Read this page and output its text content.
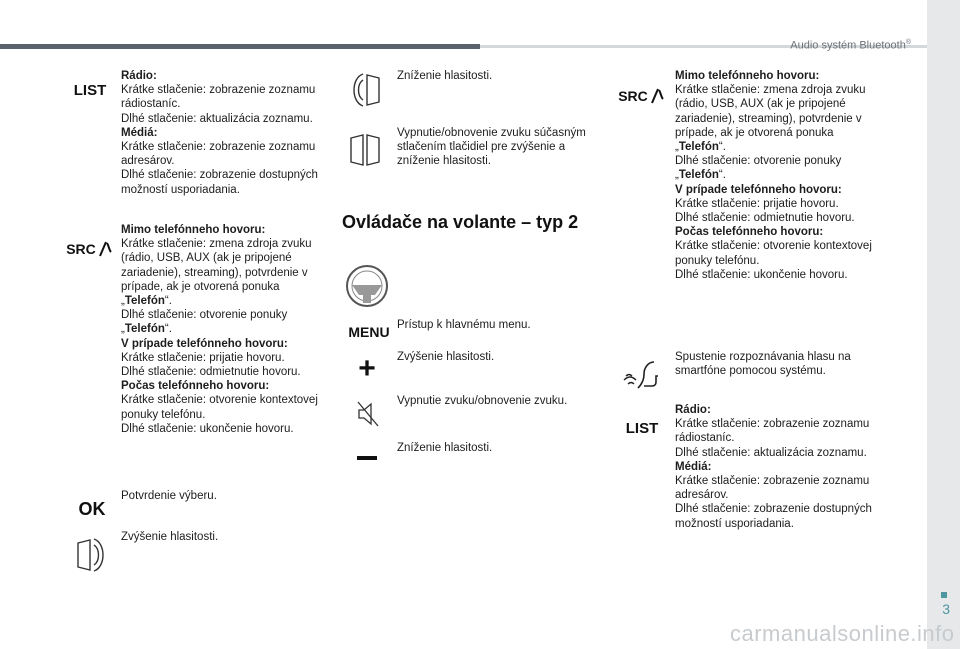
Audio systém Bluetooth®
3
LIST
Rádio:
Krátke stlačenie: zobrazenie zoznamu rádiostaníc.
Dlhé stlačenie: aktualizácia zoznamu.
Médiá:
Krátke stlačenie: zobrazenie zoznamu adresárov.
Dlhé stlačenie: zobrazenie dostupných možností usporiadania.
SRC
Mimo telefónneho hovoru:
Krátke stlačenie: zmena zdroja zvuku (rádio, USB, AUX (ak je pripojené zariadenie), streaming), potvrdenie v prípade, ak je otvorená ponuka „Telefón“.
Dlhé stlačenie: otvorenie ponuky „Telefón“.
V prípade telefónneho hovoru:
Krátke stlačenie: prijatie hovoru.
Dlhé stlačenie: odmietnutie hovoru.
Počas telefónneho hovoru:
Krátke stlačenie: otvorenie kontextovej ponuky telefónu.
Dlhé stlačenie: ukončenie hovoru.
OK
Potvrdenie výberu.
Zvýšenie hlasitosti.
Zníženie hlasitosti.
Vypnutie/obnovenie zvuku súčasným stlačením tlačidiel pre zvýšenie a zníženie hlasitosti.
Ovládače na volante – typ 2
MENU Prístup k hlavnému menu.
+	Zvýšenie hlasitosti.
Vypnutie zvuku/obnovenie zvuku.
Zníženie hlasitosti.
SRC
Mimo telefónneho hovoru:
Krátke stlačenie: zmena zdroja zvuku (rádio, USB, AUX (ak je pripojené zariadenie), streaming), potvrdenie v prípade, ak je otvorená ponuka „Telefón“.
Dlhé stlačenie: otvorenie ponuky „Telefón“.
V prípade telefónneho hovoru:
Krátke stlačenie: prijatie hovoru.
Dlhé stlačenie: odmietnutie hovoru.
Počas telefónneho hovoru:
Krátke stlačenie: otvorenie kontextovej ponuky telefónu.
Dlhé stlačenie: ukončenie hovoru.
Spustenie rozpoznávania hlasu na smartfóne pomocou systému.
LIST
Rádio:
Krátke stlačenie: zobrazenie zoznamu rádiostaníc.
Dlhé stlačenie: aktualizácia zoznamu.
Médiá:
Krátke stlačenie: zobrazenie zoznamu adresárov.
Dlhé stlačenie: zobrazenie dostupných možností usporiadania.
carmanualsonline.info
